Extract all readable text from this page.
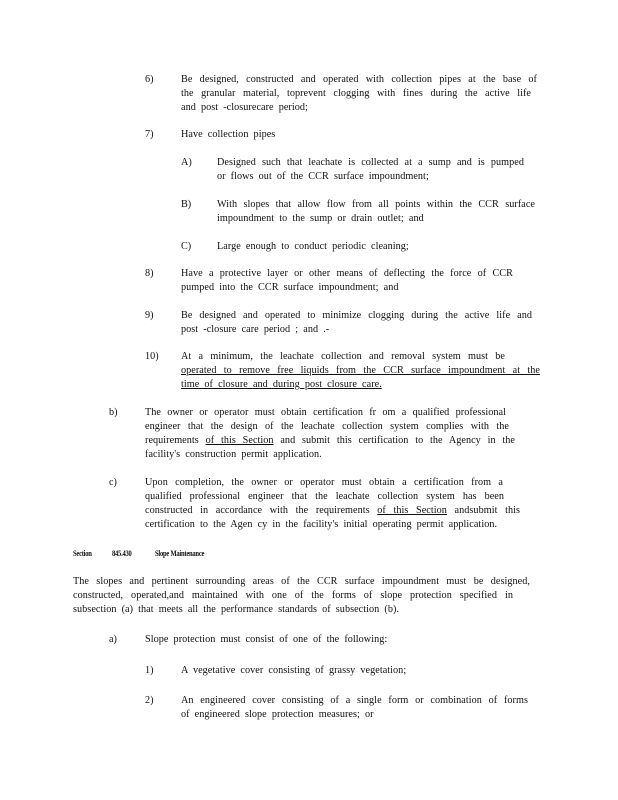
6)	Be designed, constructed and operated with collection pipes at the base of
the granular material, toprevent clogging with fines during the active life
and post -closurecare period;
7)	Have collection pipes
A) Designed such that leachate is collected at a sump and is pumped
or flows out of the CCR surface impoundment;
B)	With slopes that allow flow from all points within the CCR surface
impoundment to the sump or drain outlet; and
C)	Large enough to conduct periodic cleaning;
8)	Have a protective layer or other means of deflecting the force of CCR
pumped into the CCR surface impoundment; and
9)	Be designed and operated to minimize clogging during the active life and
post -closure care period ; and .-
10) At a minimum, the leachate collection and removal system must be
operated to remove free liquids from the CCR surface impoundment at the
time of closure and during post closure care.
b)	The owner or operator must obtain certification fr om a qualified professional
engineer that the design of the leachate collection system complies with the
requirements of this Section and submit this certification to the Agency in the
facility's construction permit application.
c)	Upon completion, the owner or operator must obtain a certification from a
qualified professional engineer that the leachate collection system has been
constructed in accordance with the requirements of this Section andsubmit this
certification to the Agen cy in the facility's initial operating permit application.
Section 845.430	Slope Maintenance
The slopes and pertinent surrounding areas of the CCR surface impoundment must be designed,
constructed, operated,and maintained with one of the forms of slope protection specified in
subsection (a) that meets all the performance standards of subsection (b).
a)	Slope protection must consist of one of the following:
1)	A vegetative cover consisting of grassy vegetation;
2)	An engineered cover consisting of a single form or combination of forms
of engineered slope protection measures; or
